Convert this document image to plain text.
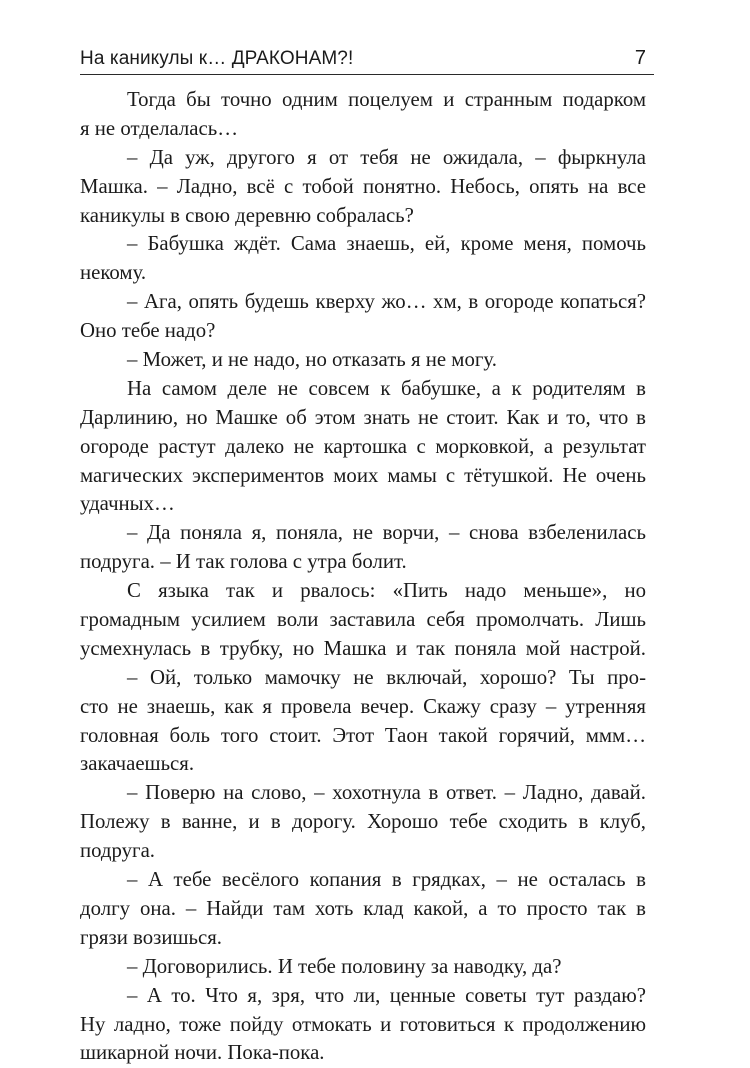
На каникулы к… ДРАКОНАМ?!	7
Тогда бы точно одним поцелуем и странным подарком
я не отделалась…
– Да уж, другого я от тебя не ожидала, – фыркнула
Машка. – Ладно, всё с тобой понятно. Небось, опять на все
каникулы в свою деревню собралась?
– Бабушка ждёт. Сама знаешь, ей, кроме меня, помочь
некому.
– Ага, опять будешь кверху жо… хм, в огороде копаться?
Оно тебе надо?
– Может, и не надо, но отказать я не могу.
На самом деле не совсем к бабушке, а к родителям в
Дарлинию, но Машке об этом знать не стоит. Как и то, что в
огороде растут далеко не картошка с морковкой, а результат
магических экспериментов моих мамы с тётушкой. Не очень
удачных…
– Да поняла я, поняла, не ворчи, – снова взбеленилась
подруга. – И так голова с утра болит.
С языка так и рвалось: «Пить надо меньше», но
громадным усилием воли заставила себя промолчать. Лишь
усмехнулась в трубку, но Машка и так поняла мой настрой.
– Ой, только мамочку не включай, хорошо? Ты про-
сто не знаешь, как я провела вечер. Скажу сразу – утренняя
головная боль того стоит. Этот Таон такой горячий, ммм…
закачаешься.
– Поверю на слово, – хохотнула в ответ. – Ладно, давай.
Полежу в ванне, и в дорогу. Хорошо тебе сходить в клуб,
подруга.
– А тебе весёлого копания в грядках, – не осталась в
долгу она. – Найди там хоть клад какой, а то просто так в
грязи возишься.
– Договорились. И тебе половину за наводку, да?
– А то. Что я, зря, что ли, ценные советы тут раздаю?
Ну ладно, тоже пойду отмокать и готовиться к продолжению
шикарной ночи. Пока-пока.
